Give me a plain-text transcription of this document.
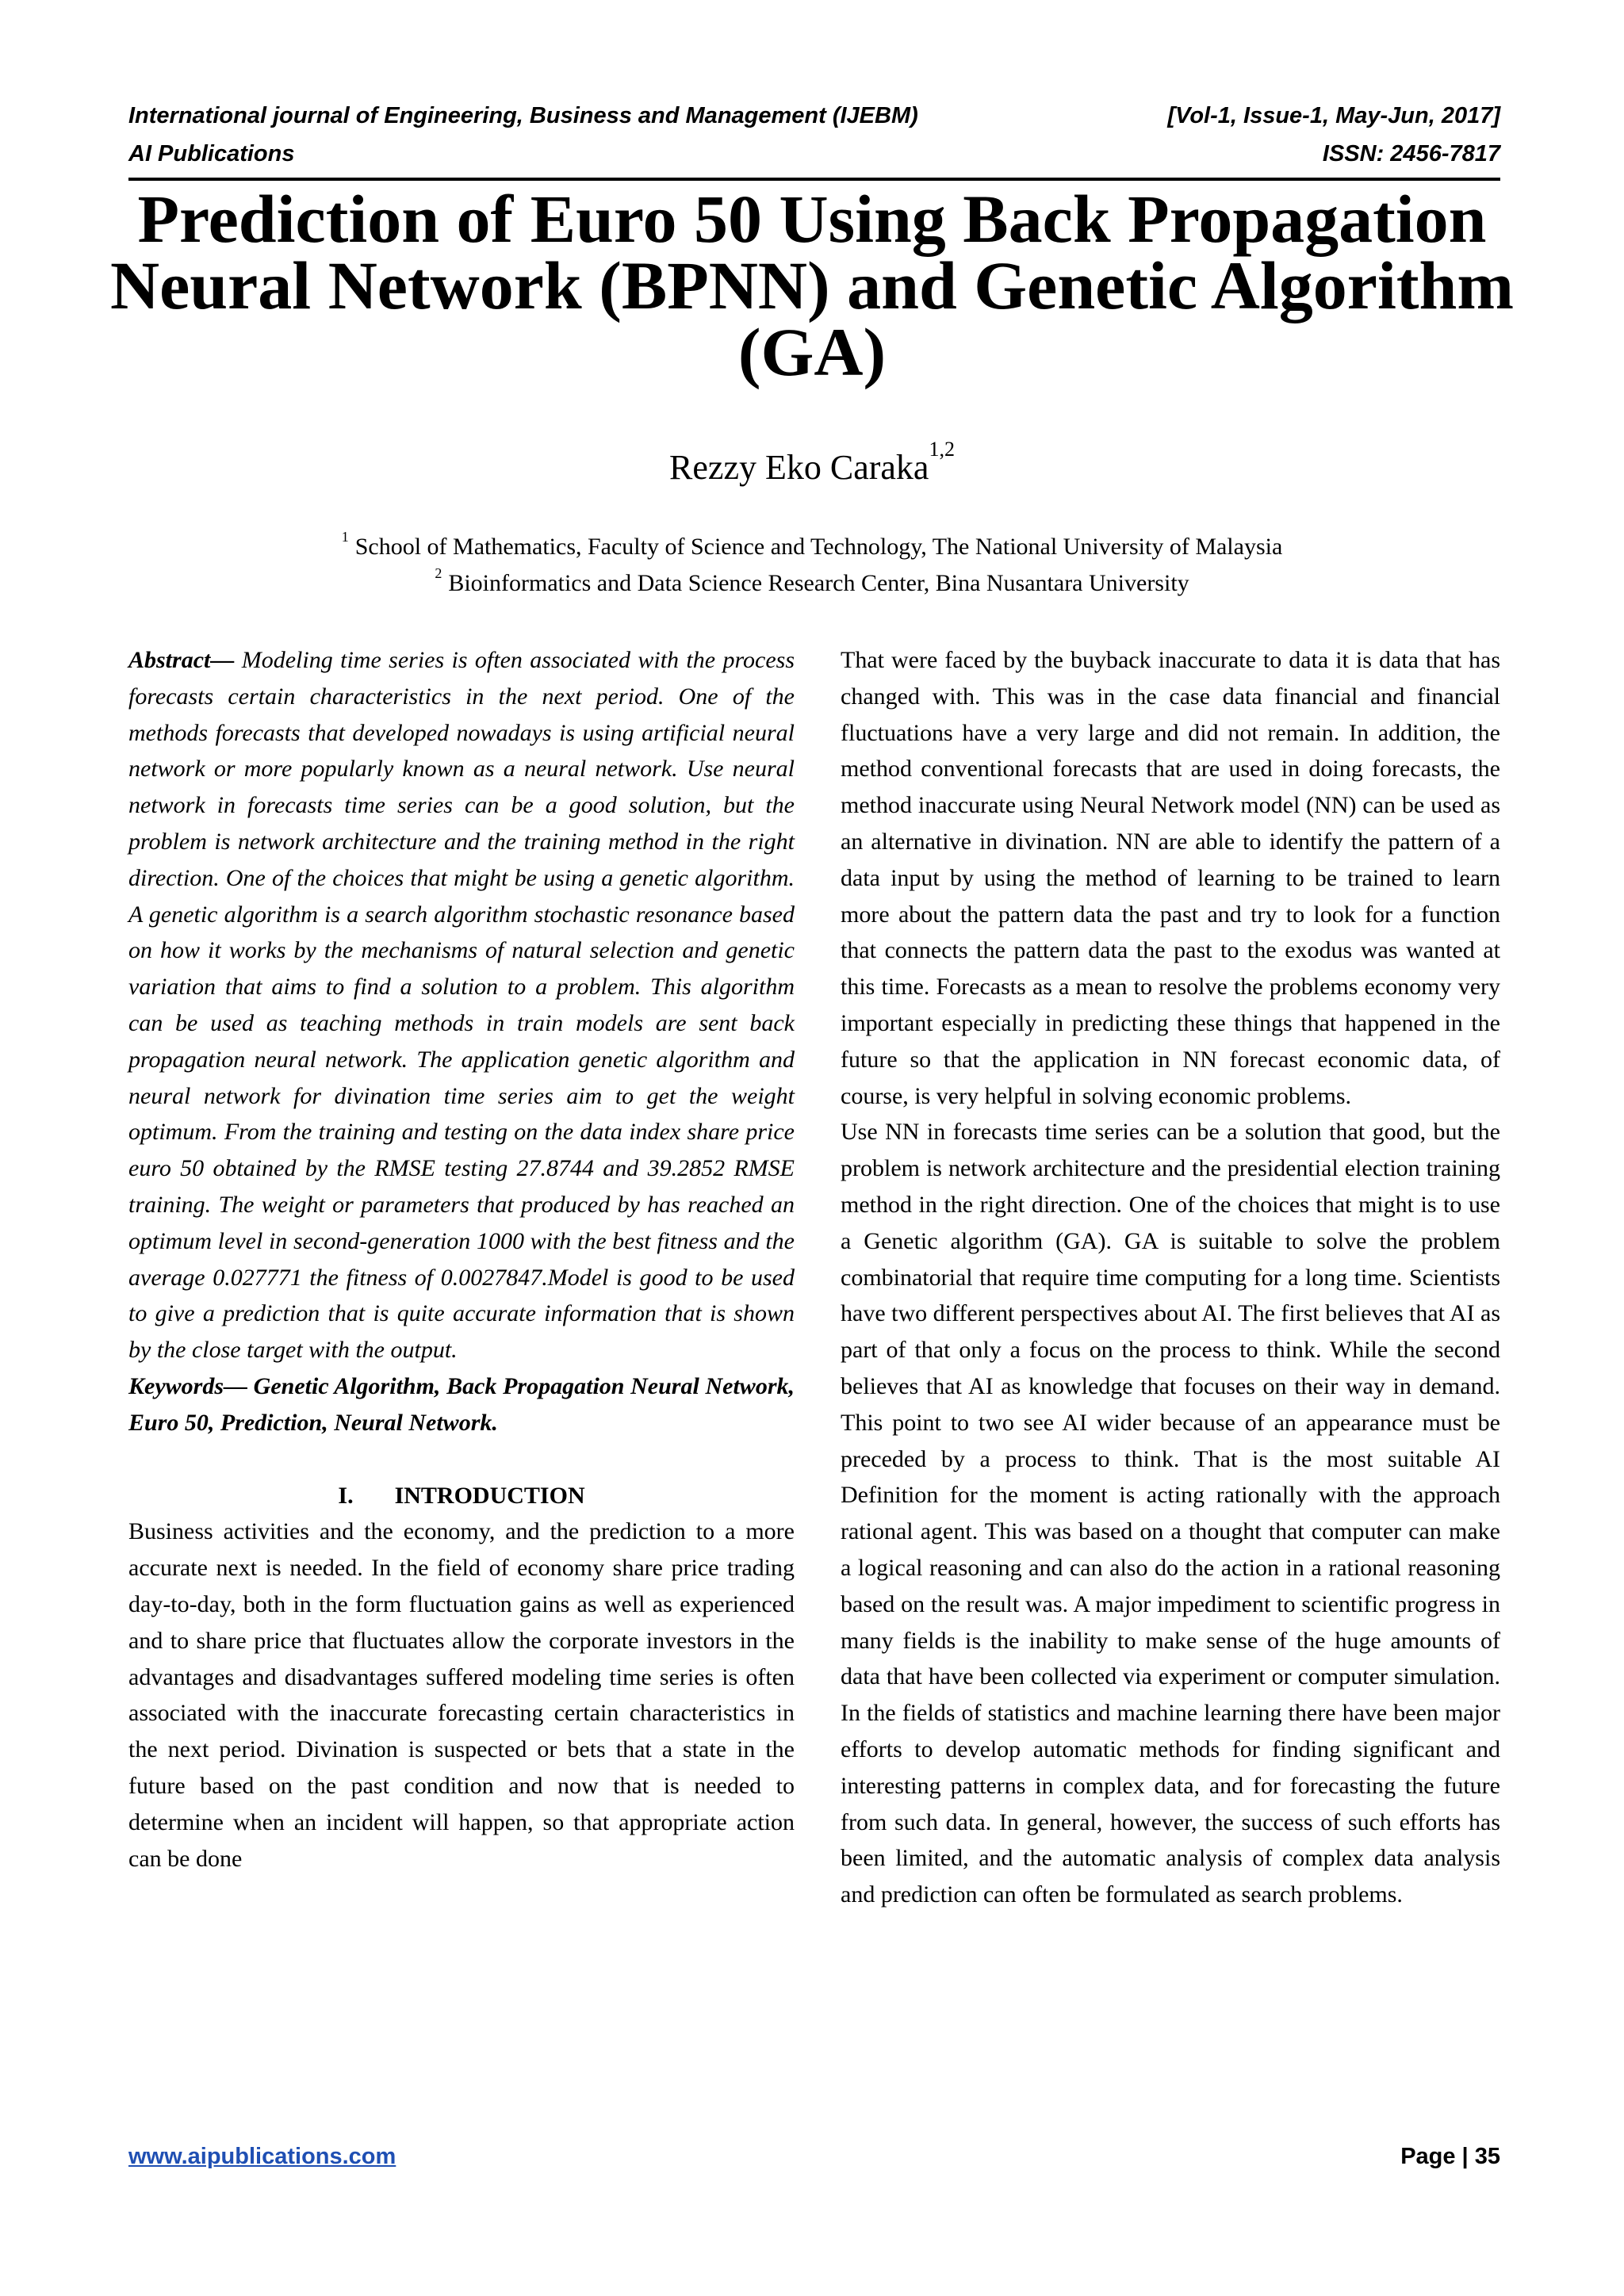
International journal of Engineering, Business and Management (IJEBM)	[Vol-1, Issue-1, May-Jun, 2017]
AI Publications	ISSN: 2456-7817
Prediction of Euro 50 Using Back Propagation Neural Network (BPNN) and Genetic Algorithm (GA)
Rezzy Eko Caraka$^{1,2}$
$^1$ School of Mathematics, Faculty of Science and Technology, The National University of Malaysia
$^2$ Bioinformatics and Data Science Research Center, Bina Nusantara University

Abstract— Modeling time series is often associated with the process forecasts certain characteristics in the next period. One of the methods forecasts that developed nowadays is using artificial neural network or more popularly known as a neural network. Use neural network in forecasts time series can be a good solution, but the problem is network architecture and the training method in the right direction. One of the choices that might be using a genetic algorithm. A genetic algorithm is a search algorithm stochastic resonance based on how it works by the mechanisms of natural selection and genetic variation that aims to find a solution to a problem. This algorithm can be used as teaching methods in train models are sent back propagation neural network. The application genetic algorithm and neural network for divination time series aim to get the weight optimum. From the training and testing on the data index share price euro 50 obtained by the RMSE testing 27.8744 and 39.2852 RMSE training. The weight or parameters that produced by has reached an optimum level in second-generation 1000 with the best fitness and the average 0.027771 the fitness of 0.0027847.Model is good to be used to give a prediction that is quite accurate information that is shown by the close target with the output.

Keywords— Genetic Algorithm, Back Propagation Neural Network, Euro 50, Prediction, Neural Network.

I. INTRODUCTION

Business activities and the economy, and the prediction to a more accurate next is needed. In the field of economy share price trading day-to-day, both in the form fluctuation gains as well as experienced and to share price that fluctuates allow the corporate investors in the advantages and disadvantages suffered modeling time series is often associated with the inaccurate forecasting certain characteristics in the next period. Divination is suspected or bets that a state in the future based on the past condition and now that is needed to determine when an incident will happen, so that appropriate action can be done

That were faced by the buyback inaccurate to data it is data that has changed with. This was in the case data financial and financial fluctuations have a very large and did not remain. In addition, the method conventional forecasts that are used in doing forecasts, the method inaccurate using Neural Network model (NN) can be used as an alternative in divination. NN are able to identify the pattern of a data input by using the method of learning to be trained to learn more about the pattern data the past and try to look for a function that connects the pattern data the past to the exodus was wanted at this time. Forecasts as a mean to resolve the problems economy very important especially in predicting these things that happened in the future so that the application in NN forecast economic data, of course, is very helpful in solving economic problems.

Use NN in forecasts time series can be a solution that good, but the problem is network architecture and the presidential election training method in the right direction. One of the choices that might is to use a Genetic algorithm (GA). GA is suitable to solve the problem combinatorial that require time computing for a long time. Scientists have two different perspectives about AI. The first believes that AI as part of that only a focus on the process to think. While the second believes that AI as knowledge that focuses on their way in demand. This point to two see AI wider because of an appearance must be preceded by a process to think. That is the most suitable AI Definition for the moment is acting rationally with the approach rational agent. This was based on a thought that computer can make a logical reasoning and can also do the action in a rational reasoning based on the result was. A major impediment to scientific progress in many fields is the inability to make sense of the huge amounts of data that have been collected via experiment or computer simulation. In the fields of statistics and machine learning there have been major efforts to develop automatic methods for finding significant and interesting patterns in complex data, and for forecasting the future from such data. In general, however, the success of such efforts has been limited, and the automatic analysis of complex data analysis and prediction can often be formulated as search problems.

www.aipublications.com	Page | 35
